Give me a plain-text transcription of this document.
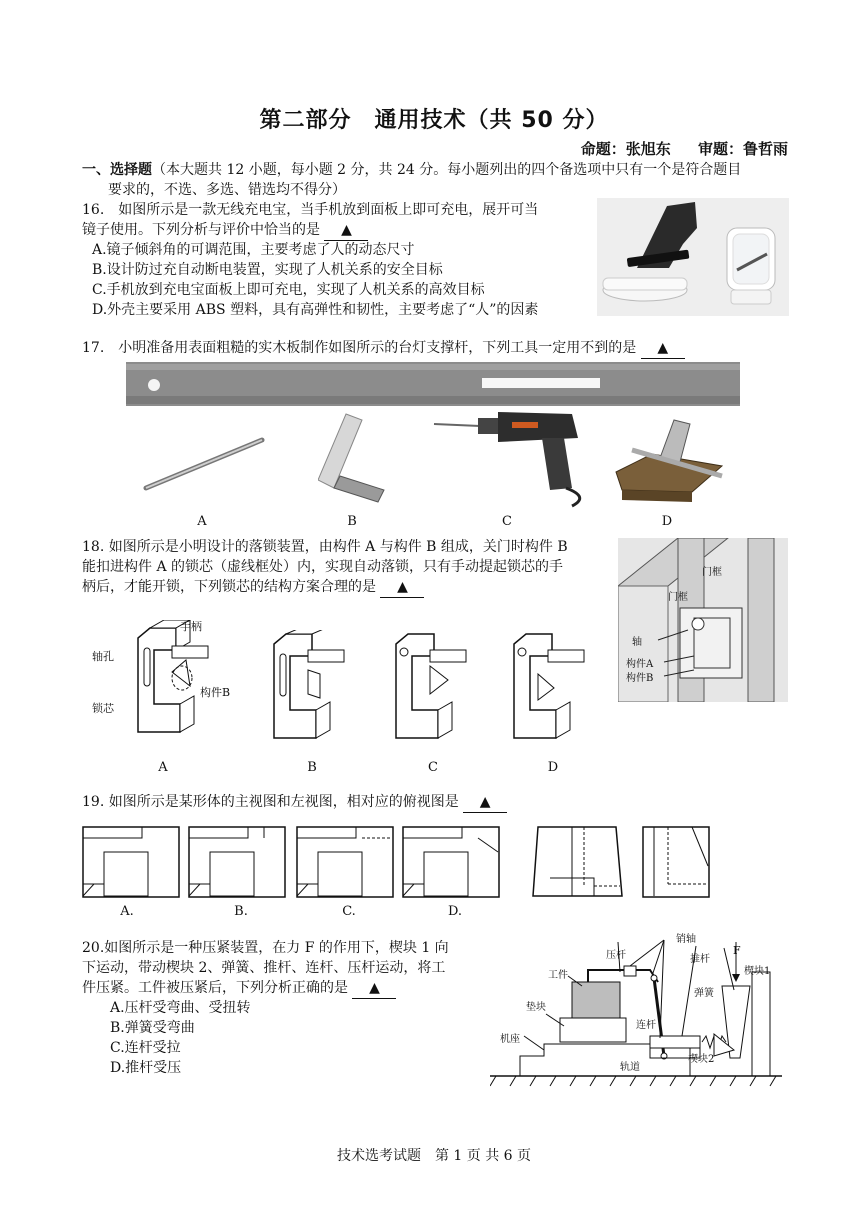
第二部分　通用技术（共 50 分）
命题：张旭东 审题：鲁哲雨
一、选择题（本大题共 12 小题，每小题 2 分，共 24 分。每小题列出的四个备选项中只有一个是符合题目
要求的，不选、多选、错选均不得分）
16.　如图所示是一款无线充电宝，当手机放到面板上即可充电，展开可当
镜子使用。下列分析与评价中恰当的是 ▲
A.镜子倾斜角的可调范围，主要考虑了人的动态尺寸
B.设计防过充自动断电装置，实现了人机关系的安全目标
C.手机放到充电宝面板上即可充电，实现了人机关系的高效目标
D.外壳主要采用 ABS 塑料，具有高弹性和韧性，主要考虑了“人”的因素
17.　小明准备用表面粗糙的实木板制作如图所示的台灯支撑杆，下列工具一定用不到的是 ▲
A	B	C	D
18. 如图所示是小明设计的落锁装置，由构件 A 与构件 B 组成，关门时构件 B
能扣进构件 A 的锁芯（虚线框处）内，实现自动落锁，只有手动提起锁芯的手
柄后，才能开锁，下列锁芯的结构方案合理的是 ▲
门框
门框
轴
构件A
构件B
手柄
轴孔
构件B
锁芯
A	B	C	D
19. 如图所示是某形体的主视图和左视图，相对应的俯视图是 ▲
A.	B.	C.	D.
20.如图所示是一种压紧装置，在力 F 的作用下，楔块 1 向
下运动，带动楔块 2、弹簧、推杆、连杆、压杆运动，将工
件压紧。工件被压紧后，下列分析正确的是 ▲
A.压杆受弯曲、受扭转
B.弹簧受弯曲
C.连杆受拉
D.推杆受压
销轴
压杆	推杆
F
楔块1
工件
弹簧
垫块
连杆
机座
轨道
楔块2
技术选考试题　第 1 页 共 6 页
